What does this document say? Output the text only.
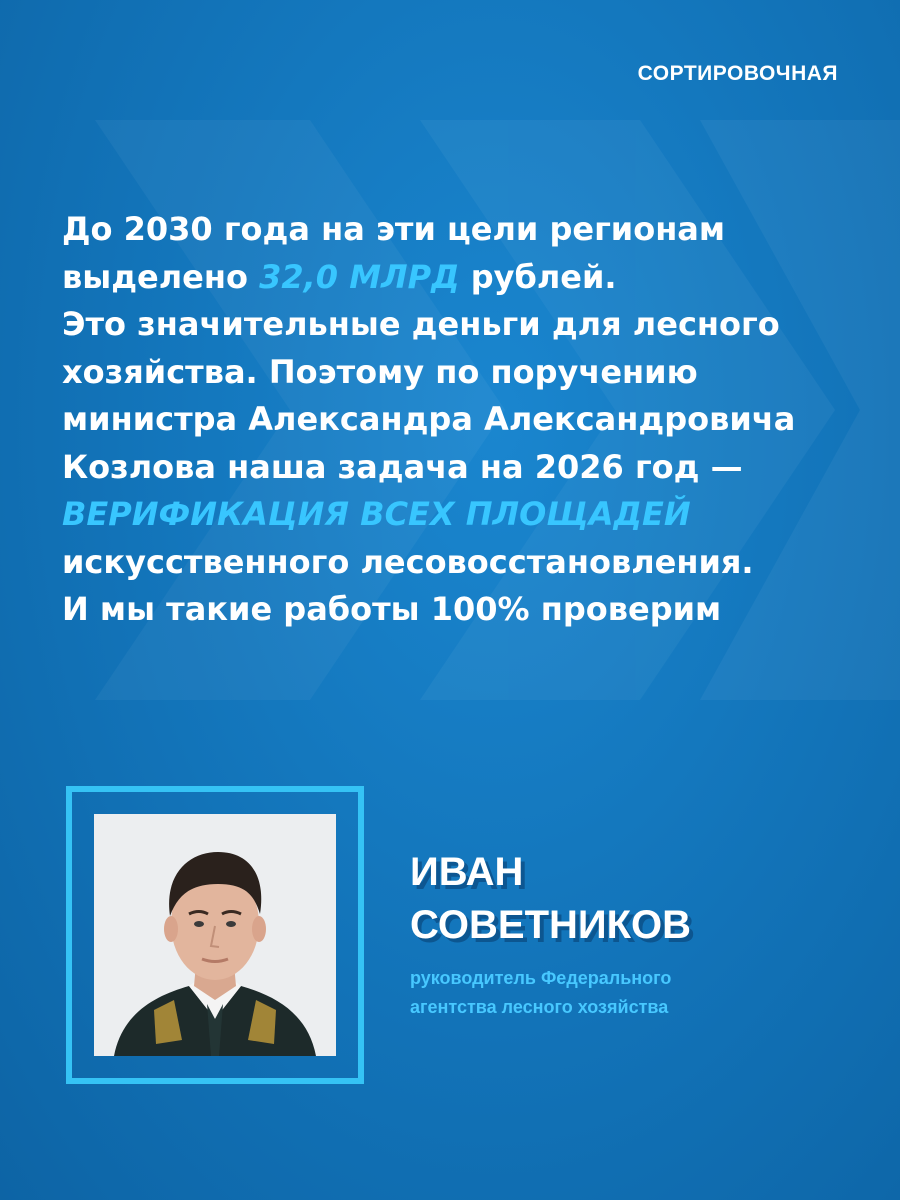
СОРТИРОВОЧНАЯ
До 2030 года на эти цели регионам
выделено 32,0 МЛРД рублей.
Это значительные деньги для лесного
хозяйства. Поэтому по поручению
министра Александра Александровича
Козлова наша задача на 2026 год —
ВЕРИФИКАЦИЯ ВСЕХ ПЛОЩАДЕЙ
искусственного лесовосстановления.
И мы такие работы 100% проверим
ИВАН
СОВЕТНИКОВ
руководитель Федерального
агентства лесного хозяйства
